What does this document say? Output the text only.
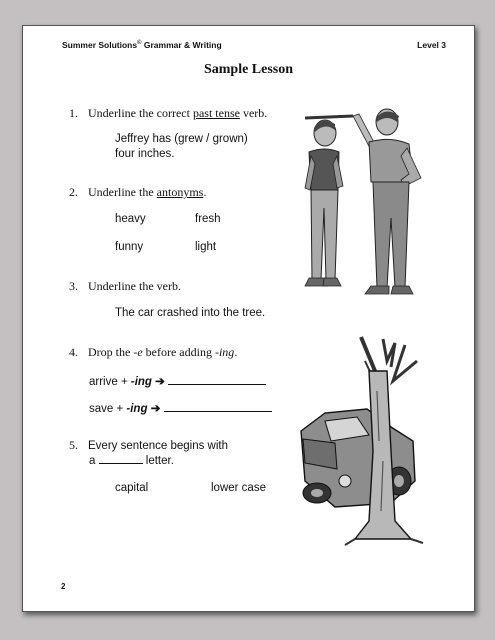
Summer Solutions© Grammar & Writing	Level 3
Sample Lesson
1. Underline the correct past tense verb.
Jeffrey has (grew / grown)
four inches.
2. Underline the antonyms.
heavy	fresh
funny	light
3. Underline the verb.
The car crashed into the tree.
4. Drop the -e before adding -ing.
arrive + -ing ➔
save + -ing ➔
5. Every sentence begins with
a	letter.
capital	lower case
2
